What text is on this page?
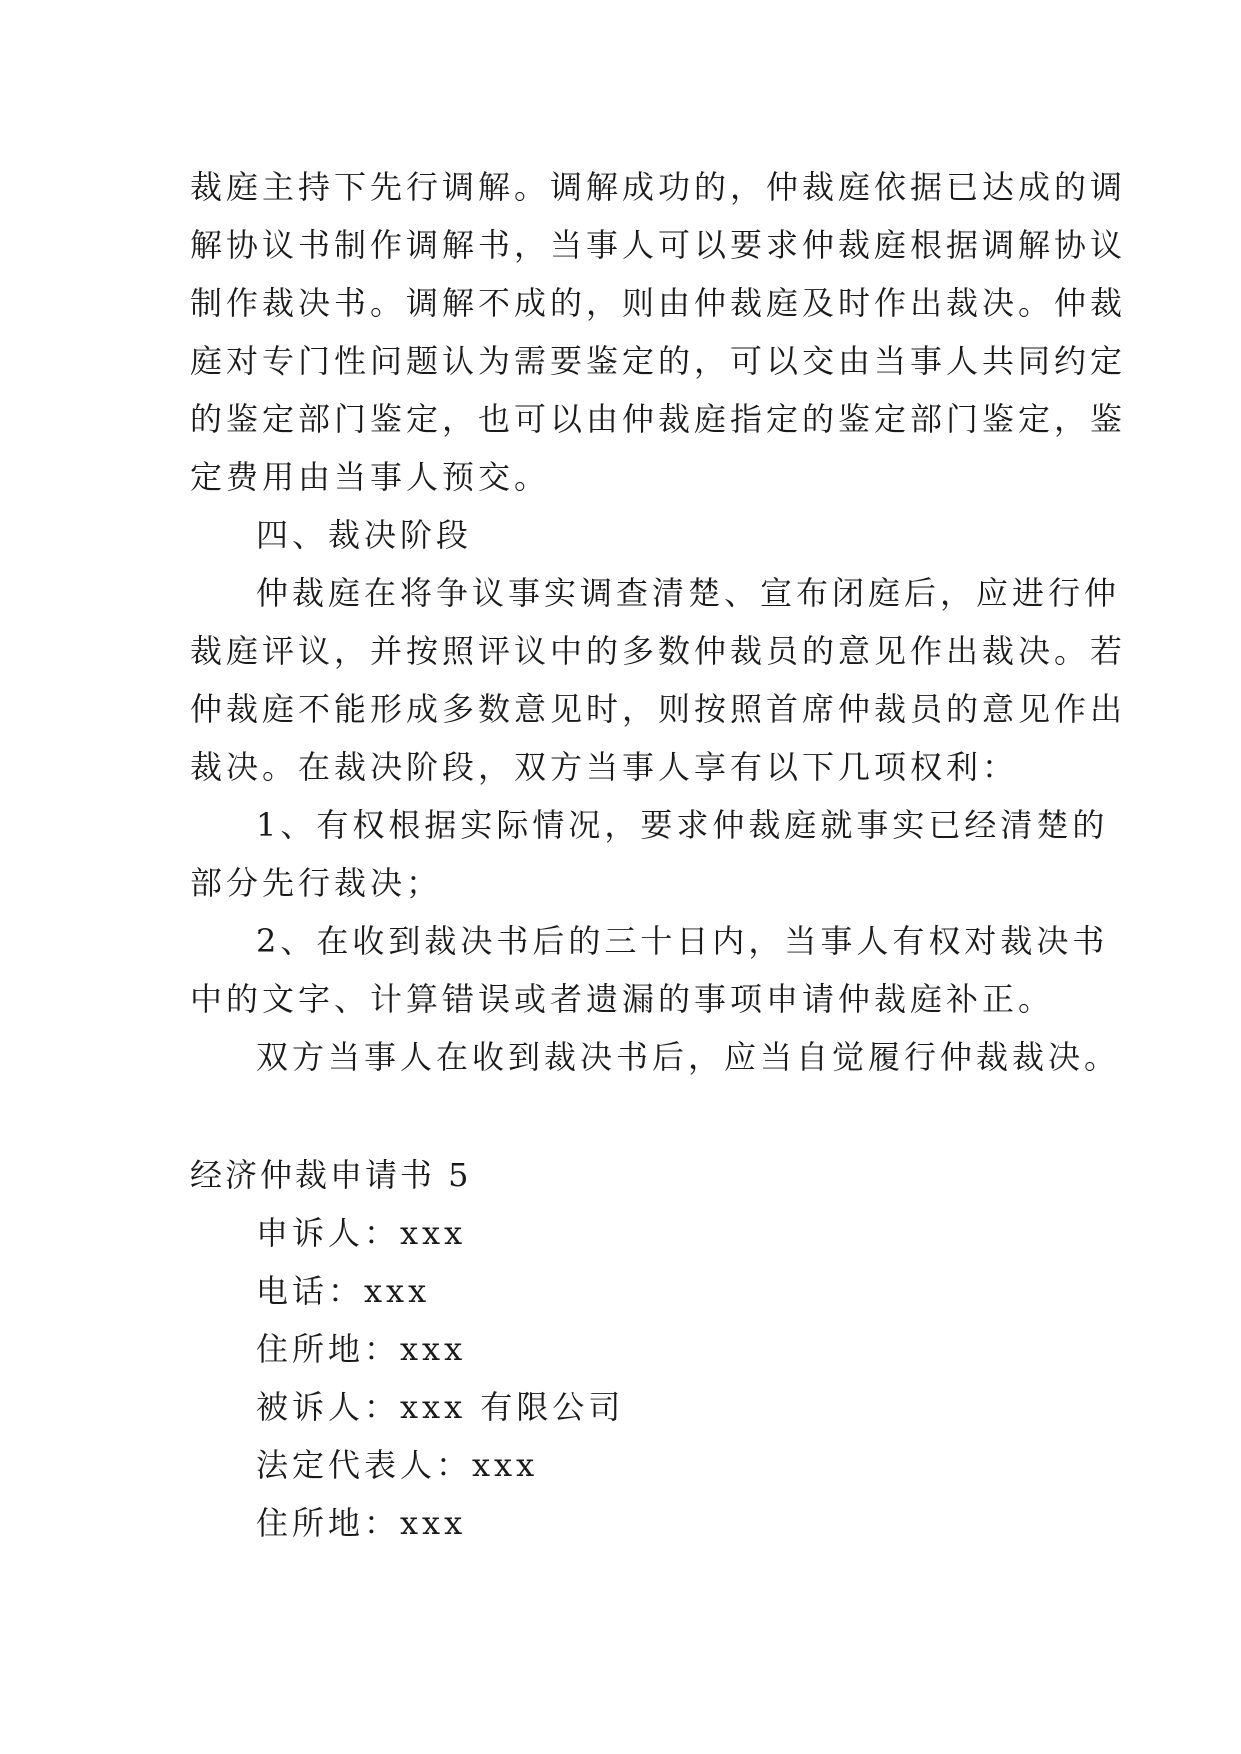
裁庭主持下先行调解。调解成功的，仲裁庭依据已达成的调
解协议书制作调解书，当事人可以要求仲裁庭根据调解协议
制作裁决书。调解不成的，则由仲裁庭及时作出裁决。仲裁
庭对专门性问题认为需要鉴定的，可以交由当事人共同约定
的鉴定部门鉴定，也可以由仲裁庭指定的鉴定部门鉴定，鉴
定费用由当事人预交。
四、裁决阶段
仲裁庭在将争议事实调查清楚、宣布闭庭后，应进行仲
裁庭评议，并按照评议中的多数仲裁员的意见作出裁决。若
仲裁庭不能形成多数意见时，则按照首席仲裁员的意见作出
裁决。在裁决阶段，双方当事人享有以下几项权利：
1、有权根据实际情况，要求仲裁庭就事实已经清楚的
部分先行裁决；
2、在收到裁决书后的三十日内，当事人有权对裁决书
中的文字、计算错误或者遗漏的事项申请仲裁庭补正。
双方当事人在收到裁决书后，应当自觉履行仲裁裁决。
经济仲裁申请书 5
申诉人：xxx
电话：xxx
住所地：xxx
被诉人：xxx 有限公司
法定代表人：xxx
住所地：xxx
